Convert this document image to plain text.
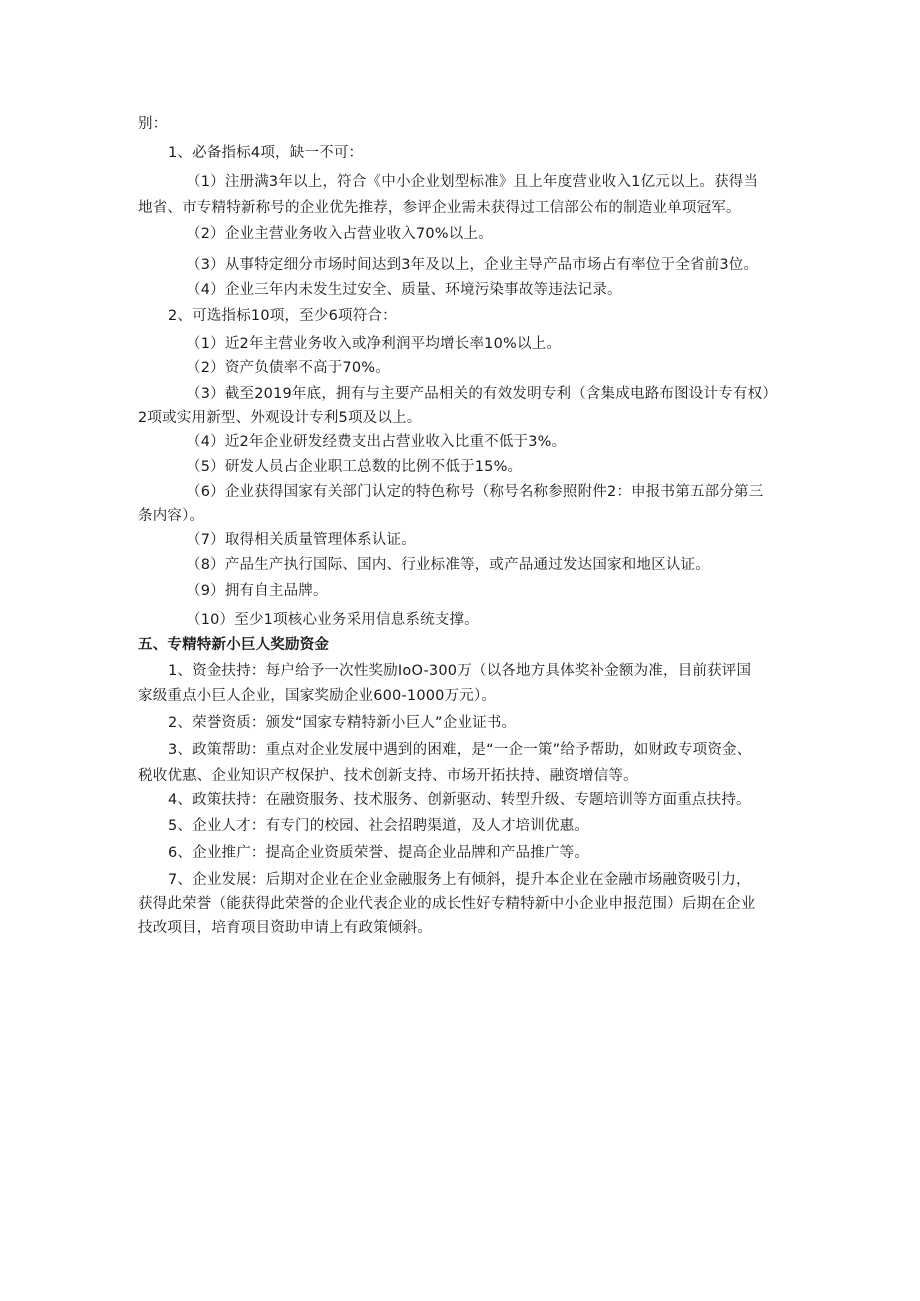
别：
1、必备指标4项，缺一不可：
（1）注册满3年以上，符合《中小企业划型标准》且上年度营业收入1亿元以上。获得当
地省、市专精特新称号的企业优先推荐，参评企业需未获得过工信部公布的制造业单项冠军。
（2）企业主营业务收入占营业收入70%以上。
（3）从事特定细分市场时间达到3年及以上，企业主导产品市场占有率位于全省前3位。
（4）企业三年内未发生过安全、质量、环境污染事故等违法记录。
2、可选指标10项，至少6项符合：
（1）近2年主营业务收入或净利润平均增长率10%以上。
（2）资产负债率不高于70%。
（3）截至2019年底，拥有与主要产品相关的有效发明专利（含集成电路布图设计专有权）
2项或实用新型、外观设计专利5项及以上。
（4）近2年企业研发经费支出占营业收入比重不低于3%。
（5）研发人员占企业职工总数的比例不低于15%。
（6）企业获得国家有关部门认定的特色称号（称号名称参照附件2：申报书第五部分第三
条内容）。
（7）取得相关质量管理体系认证。
（8）产品生产执行国际、国内、行业标准等，或产品通过发达国家和地区认证。
（9）拥有自主品牌。
（10）至少1项核心业务采用信息系统支撑。
五、专精特新小巨人奖励资金
1、资金扶持：每户给予一次性奖励IoO-300万（以各地方具体奖补金额为准，目前获评国
家级重点小巨人企业，国家奖励企业600-1000万元）。
2、荣誉资质：颁发“国家专精特新小巨人”企业证书。
3、政策帮助：重点对企业发展中遇到的困难，是“一企一策”给予帮助，如财政专项资金、
税收优惠、企业知识产权保护、技术创新支持、市场开拓扶持、融资增信等。
4、政策扶持：在融资服务、技术服务、创新驱动、转型升级、专题培训等方面重点扶持。
5、企业人才：有专门的校园、社会招聘渠道，及人才培训优惠。
6、企业推广：提高企业资质荣誉、提高企业品牌和产品推广等。
7、企业发展：后期对企业在企业金融服务上有倾斜，提升本企业在金融市场融资吸引力，
获得此荣誉（能获得此荣誉的企业代表企业的成长性好专精特新中小企业申报范围）后期在企业
技改项目，培育项目资助申请上有政策倾斜。
